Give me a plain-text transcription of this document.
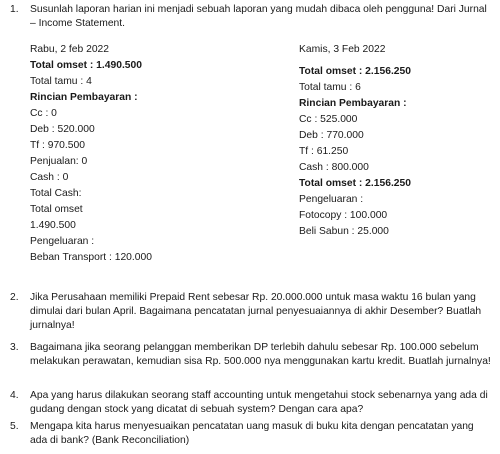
1.	Susunlah laporan harian ini menjadi sebuah laporan yang mudah dibaca oleh pengguna! Dari Jurnal – Income Statement.
Rabu, 2 feb 2022
Total omset : 1.490.500
Total tamu : 4
Rincian Pembayaran :
Cc : 0
Deb : 520.000
Tf : 970.500
Penjualan: 0
Cash : 0
Total Cash:
Total omset
1.490.500
Pengeluaran :
Beban Transport : 120.000
Kamis, 3 Feb 2022
Total omset : 2.156.250
Total tamu : 6
Rincian Pembayaran :
Cc : 525.000
Deb : 770.000
Tf : 61.250
Cash : 800.000
Total omset : 2.156.250
Pengeluaran :
Fotocopy : 100.000
Beli Sabun : 25.000
2.	Jika Perusahaan memiliki Prepaid Rent sebesar Rp. 20.000.000 untuk masa waktu 16 bulan yang dimulai dari bulan April. Bagaimana pencatatan jurnal penyesuaiannya di akhir Desember? Buatlah jurnalnya!
3.	Bagaimana jika seorang pelanggan memberikan DP terlebih dahulu sebesar Rp. 100.000 sebelum melakukan perawatan, kemudian sisa Rp. 500.000 nya menggunakan kartu kredit. Buatlah jurnalnya!
4.	Apa yang harus dilakukan seorang staff accounting untuk mengetahui stock sebenarnya yang ada di gudang dengan stock yang dicatat di sebuah system? Dengan cara apa?
5.	Mengapa kita harus menyesuaikan pencatatan uang masuk di buku kita dengan pencatatan yang ada di bank? (Bank Reconciliation)
